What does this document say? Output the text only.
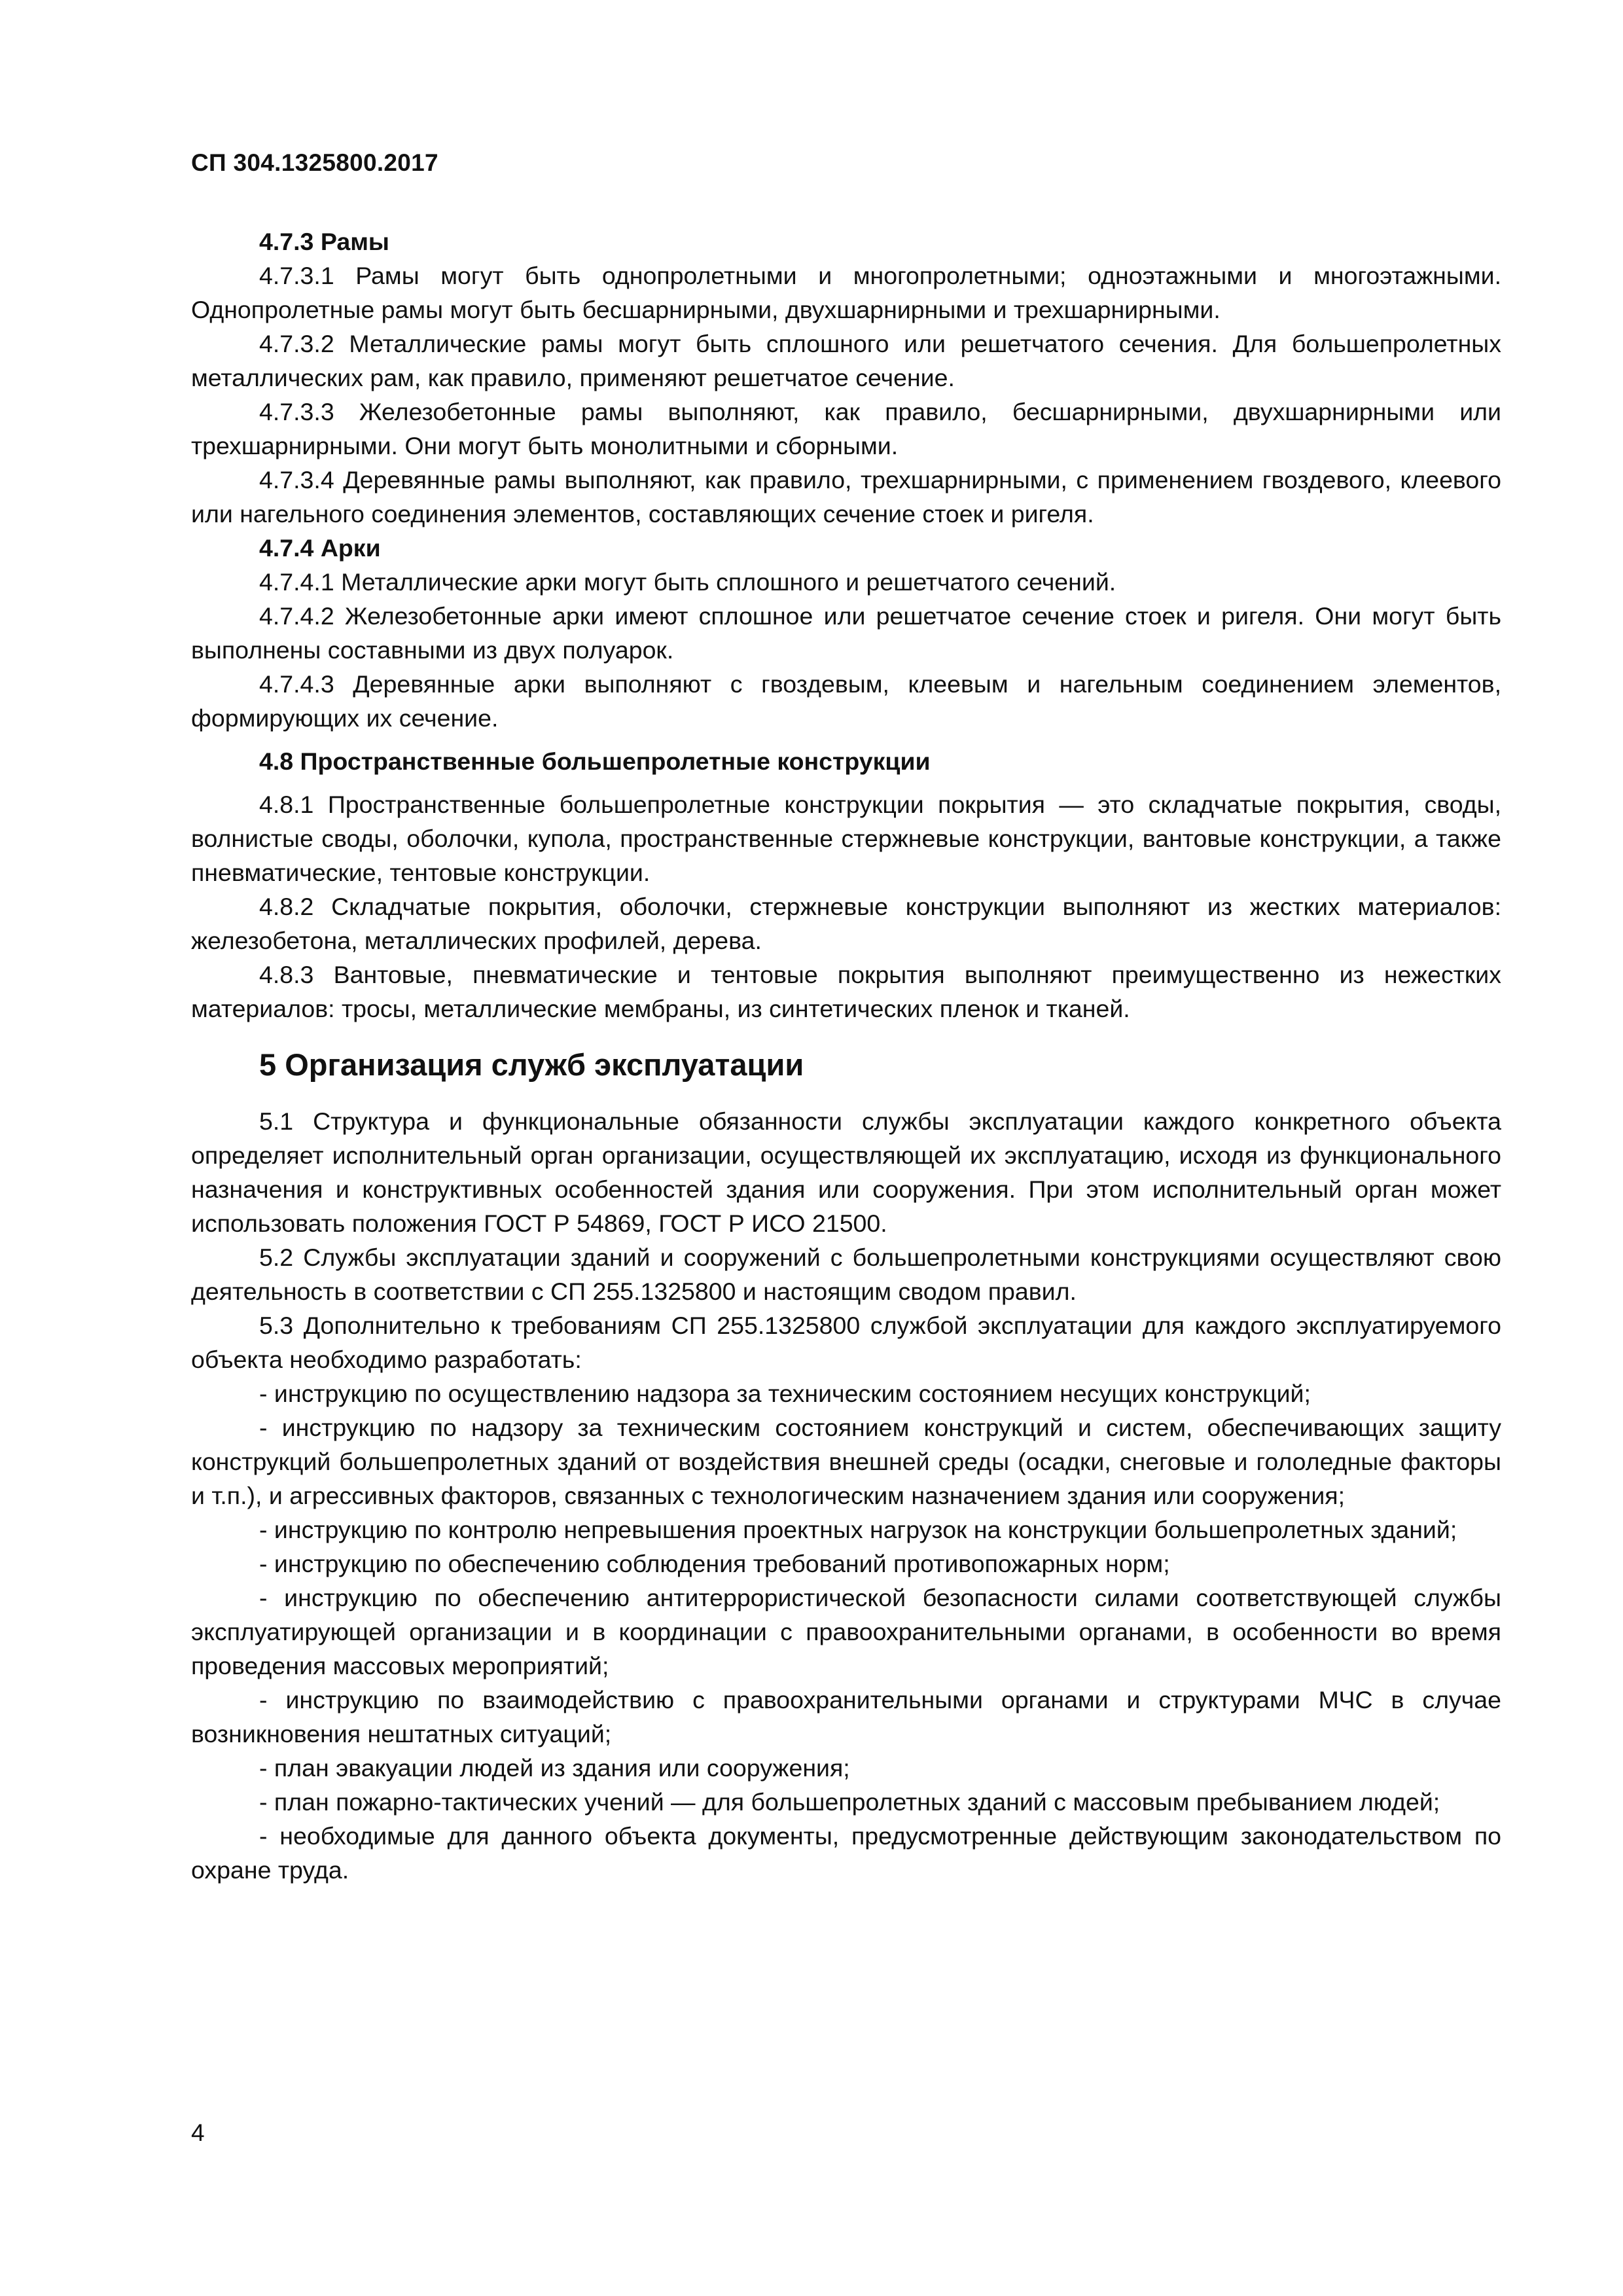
СП 304.1325800.2017

4.7.3 Рамы

4.7.3.1 Рамы могут быть однопролетными и многопролетными; одноэтажными и многоэтажными. Однопролетные рамы могут быть бесшарнирными, двухшарнирными и трехшарнирными.

4.7.3.2 Металлические рамы могут быть сплошного или решетчатого сечения. Для большепролетных металлических рам, как правило, применяют решетчатое сечение.

4.7.3.3 Железобетонные рамы выполняют, как правило, бесшарнирными, двухшарнирными или трехшарнирными. Они могут быть монолитными и сборными.

4.7.3.4 Деревянные рамы выполняют, как правило, трехшарнирными, с применением гвоздевого, клеевого или нагельного соединения элементов, составляющих сечение стоек и ригеля.

4.7.4 Арки

4.7.4.1 Металлические арки могут быть сплошного и решетчатого сечений.

4.7.4.2 Железобетонные арки имеют сплошное или решетчатое сечение стоек и ригеля. Они могут быть выполнены составными из двух полуарок.

4.7.4.3 Деревянные арки выполняют с гвоздевым, клеевым и нагельным соединением элементов, формирующих их сечение.

4.8 Пространственные большепролетные конструкции

4.8.1 Пространственные большепролетные конструкции покрытия — это складчатые покрытия, своды, волнистые своды, оболочки, купола, пространственные стержневые конструкции, вантовые конструкции, а также пневматические, тентовые конструкции.

4.8.2 Складчатые покрытия, оболочки, стержневые конструкции выполняют из жестких материалов: железобетона, металлических профилей, дерева.

4.8.3 Вантовые, пневматические и тентовые покрытия выполняют преимущественно из нежестких материалов: тросы, металлические мембраны, из синтетических пленок и тканей.

5 Организация служб эксплуатации

5.1 Структура и функциональные обязанности службы эксплуатации каждого конкретного объекта определяет исполнительный орган организации, осуществляющей их эксплуатацию, исходя из функционального назначения и конструктивных особенностей здания или сооружения. При этом исполнительный орган может использовать положения ГОСТ Р 54869, ГОСТ Р ИСО 21500.

5.2 Службы эксплуатации зданий и сооружений с большепролетными конструкциями осуществляют свою деятельность в соответствии с СП 255.1325800 и настоящим сводом правил.

5.3 Дополнительно к требованиям СП 255.1325800 службой эксплуатации для каждого эксплуатируемого объекта необходимо разработать:

- инструкцию по осуществлению надзора за техническим состоянием несущих конструкций;

- инструкцию по надзору за техническим состоянием конструкций и систем, обеспечивающих защиту конструкций большепролетных зданий от воздействия внешней среды (осадки, снеговые и гололедные факторы и т.п.), и агрессивных факторов, связанных с технологическим назначением здания или сооружения;

- инструкцию по контролю непревышения проектных нагрузок на конструкции большепролетных зданий;

- инструкцию по обеспечению соблюдения требований противопожарных норм;

- инструкцию по обеспечению антитеррористической безопасности силами соответствующей службы эксплуатирующей организации и в координации с правоохранительными органами, в особенности во время проведения массовых мероприятий;

- инструкцию по взаимодействию с правоохранительными органами и структурами МЧС в случае возникновения нештатных ситуаций;

- план эвакуации людей из здания или сооружения;

- план пожарно-тактических учений — для большепролетных зданий с массовым пребыванием людей;

- необходимые для данного объекта документы, предусмотренные действующим законодательством по охране труда.

4
